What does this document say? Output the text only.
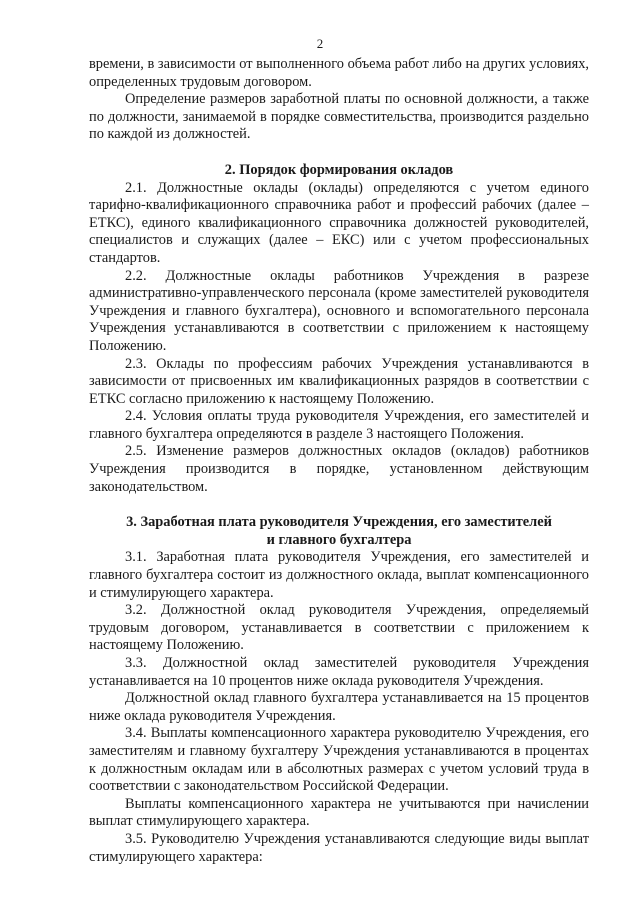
2

времени, в зависимости от выполненного объема работ либо на других условиях, определенных трудовым договором.

Определение размеров заработной платы по основной должности, а также по должности, занимаемой в порядке совместительства, производится раздельно по каждой из должностей.

2. Порядок формирования окладов

2.1. Должностные оклады (оклады) определяются с учетом единого тарифно-квалификационного справочника работ и профессий рабочих (далее – ЕТКС), единого квалификационного справочника должностей руководителей, специалистов и служащих (далее – ЕКС) или с учетом профессиональных стандартов.

2.2. Должностные оклады работников Учреждения в разрезе административно-управленческого персонала (кроме заместителей руководителя Учреждения и главного бухгалтера), основного и вспомогательного персонала Учреждения устанавливаются в соответствии с приложением к настоящему Положению.

2.3. Оклады по профессиям рабочих Учреждения устанавливаются в зависимости от присвоенных им квалификационных разрядов в соответствии с ЕТКС согласно приложению к настоящему Положению.

2.4. Условия оплаты труда руководителя Учреждения, его заместителей и главного бухгалтера определяются в разделе 3 настоящего Положения.

2.5. Изменение размеров должностных окладов (окладов) работников Учреждения производится в порядке, установленном действующим законодательством.

3. Заработная плата руководителя Учреждения, его заместителей
и главного бухгалтера

3.1. Заработная плата руководителя Учреждения, его заместителей и главного бухгалтера состоит из должностного оклада, выплат компенсационного и стимулирующего характера.

3.2. Должностной оклад руководителя Учреждения, определяемый трудовым договором, устанавливается в соответствии с приложением к настоящему Положению.

3.3. Должностной оклад заместителей руководителя Учреждения устанавливается на 10 процентов ниже оклада руководителя Учреждения.

Должностной оклад главного бухгалтера устанавливается на 15 процентов ниже оклада руководителя Учреждения.

3.4. Выплаты компенсационного характера руководителю Учреждения, его заместителям и главному бухгалтеру Учреждения устанавливаются в процентах к должностным окладам или в абсолютных размерах с учетом условий труда в соответствии с законодательством Российской Федерации.

Выплаты компенсационного характера не учитываются при начислении выплат стимулирующего характера.

3.5. Руководителю Учреждения устанавливаются следующие виды выплат стимулирующего характера:
